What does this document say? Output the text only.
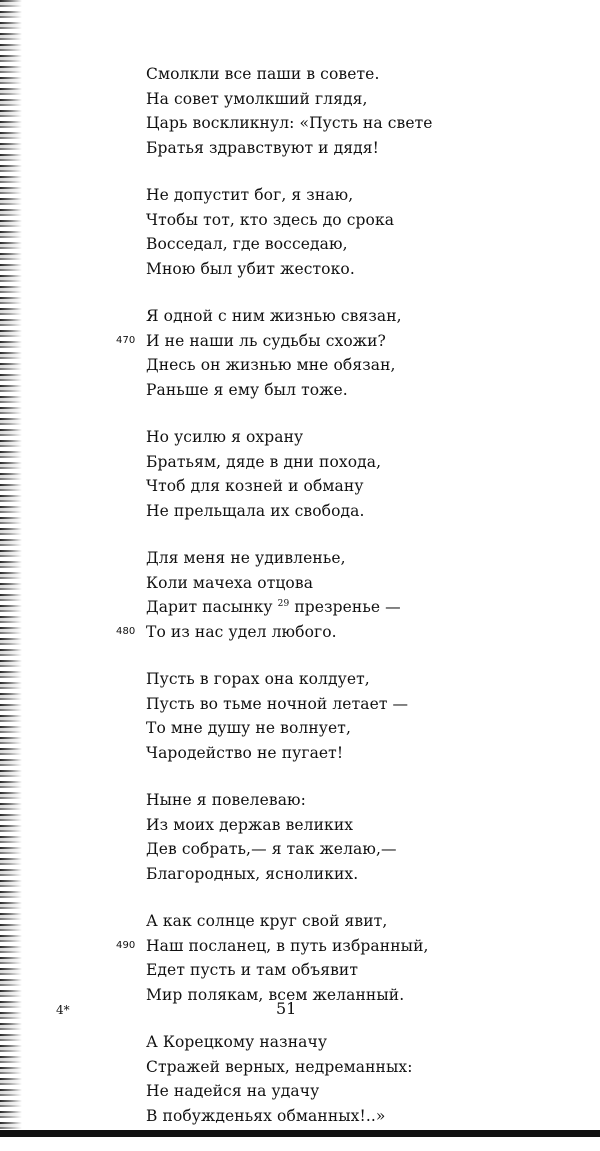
Смолкли все паши в совете.
На совет умолкший глядя,
Царь воскликнул: «Пусть на свете
Братья здравствуют и дядя!
Не допустит бог, я знаю,
Чтобы тот, кто здесь до срока
Восседал, где восседаю,
Мною был убит жестоко.
Я одной с ним жизнью связан,
470 И не наши ль судьбы схожи?
Днесь он жизнью мне обязан,
Раньше я ему был тоже.
Но усилю я охрану
Братьям, дяде в дни похода,
Чтоб для козней и обману
Не прельщала их свобода.
Для меня не удивленье,
Коли мачеха отцова
Дарит пасынку $^{29}$ презренье —
480 То из нас удел любого.
Пусть в горах она колдует,
Пусть во тьме ночной летает —
То мне душу не волнует,
Чародейство не пугает!
Ныне я повелеваю:
Из моих держав великих
Дев собрать,— я так желаю,—
Благородных, ясноликих.
А как солнце круг свой явит,
490 Наш посланец, в путь избранный,
Едет пусть и там объявит
Мир полякам, всем желанный.
А Корецкому назначу
Стражей верных, недреманных:
Не надейся на удачу
В побужденьях обманных!..»
4*	51
